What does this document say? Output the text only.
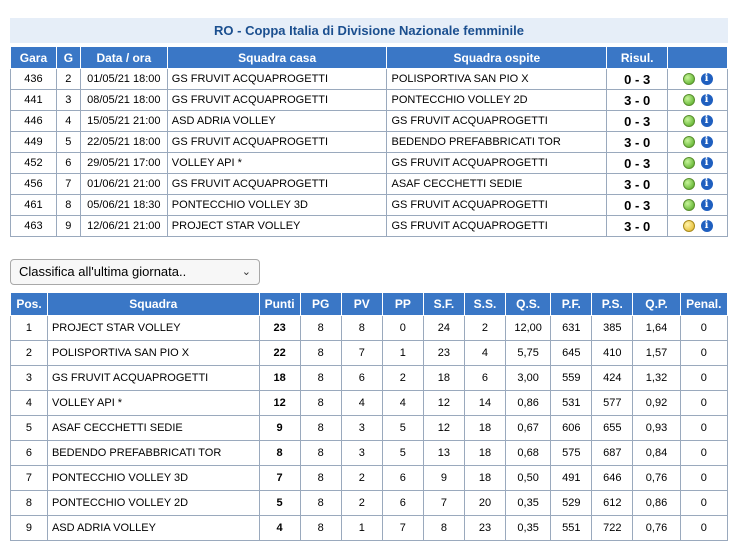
RO - Coppa Italia di Divisione Nazionale femminile
Gara	G	Data / ora	Squadra casa	Squadra ospite	Risul.	
436	2	01/05/21 18:00	GS FRUVIT ACQUAPROGETTI	POLISPORTIVA SAN PIO X	0 - 3	i
441	3	08/05/21 18:00	GS FRUVIT ACQUAPROGETTI	PONTECCHIO VOLLEY 2D	3 - 0	i
446	4	15/05/21 21:00	ASD ADRIA VOLLEY	GS FRUVIT ACQUAPROGETTI	0 - 3	i
449	5	22/05/21 18:00	GS FRUVIT ACQUAPROGETTI	BEDENDO PREFABBRICATI TOR	3 - 0	i
452	6	29/05/21 17:00	VOLLEY API *	GS FRUVIT ACQUAPROGETTI	0 - 3	i
456	7	01/06/21 21:00	GS FRUVIT ACQUAPROGETTI	ASAF CECCHETTI SEDIE	3 - 0	i
461	8	05/06/21 18:30	PONTECCHIO VOLLEY 3D	GS FRUVIT ACQUAPROGETTI	0 - 3	i
463	9	12/06/21 21:00	PROJECT STAR VOLLEY	GS FRUVIT ACQUAPROGETTI	3 - 0	i
Classifica all'ultima giornata..	⌄
Pos.	Squadra	Punti	PG	PV	PP	S.F.	S.S.	Q.S.	P.F.	P.S.	Q.P.	Penal.
1	PROJECT STAR VOLLEY	23	8	8	0	24	2	12,00	631	385	1,64	0
2	POLISPORTIVA SAN PIO X	22	8	7	1	23	4	5,75	645	410	1,57	0
3	GS FRUVIT ACQUAPROGETTI	18	8	6	2	18	6	3,00	559	424	1,32	0
4	VOLLEY API *	12	8	4	4	12	14	0,86	531	577	0,92	0
5	ASAF CECCHETTI SEDIE	9	8	3	5	12	18	0,67	606	655	0,93	0
6	BEDENDO PREFABBRICATI TOR	8	8	3	5	13	18	0,68	575	687	0,84	0
7	PONTECCHIO VOLLEY 3D	7	8	2	6	9	18	0,50	491	646	0,76	0
8	PONTECCHIO VOLLEY 2D	5	8	2	6	7	20	0,35	529	612	0,86	0
9	ASD ADRIA VOLLEY	4	8	1	7	8	23	0,35	551	722	0,76	0
